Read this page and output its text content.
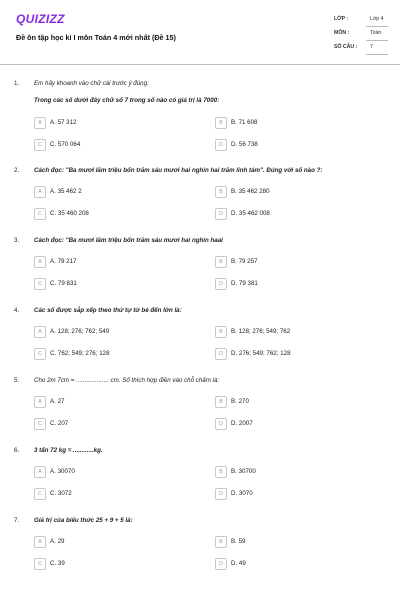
QUIZIZZ
Đề ôn tập học kì I môn Toán 4 mới nhất (Đề 15)
LỚP :	Lớp 4
MÔN :	Toán
SỐ CÂU : 7
1. Em hãy khoanh vào chữ cái trước ý đúng:
Trong các số dưới đây chữ số 7 trong số nào có giá trị là 7000:
A	A. 57 312	B	B. 71 608
C	C. 570 064	D	D. 56 738
2. Cách đọc: "Ba mươi lăm triệu bốn trăm sáu mươi hai nghìn hai trăm linh tám". Đúng với số nào ?:
A	A. 35 462 2	B	B. 35 462 280
C	C. 35 460 208	D	D. 35 462 008
3. Cách đọc: "Ba mươi lăm triệu bốn trăm sáu mươi hai nghìn haai
A	A. 79 217	B	B. 79 257
C	C. 79 831	D	D. 79 381
4. Các số được sắp xếp theo thứ tự từ bé đến lớn là:
A	A. 128; 276; 762; 549	B	B. 128; 276; 549; 762
C	C. 762; 549; 276; 128	D	D. 276; 549; 762; 128
5. Cho 2m 7cm = ................... cm. Số thích hợp điền vào chỗ chấm là:
A	A. 27	B	B. 270
C	C. 207	D	D. 2007
6. 3 tấn 72 kg = ............kg.
A	A. 30070	B	B. 30700
C	C. 3072	D	D. 3070
7. Giá trị của biểu thức 25 + 9 + 5 là:
A	A. 29	B	B. 59
C	C. 39	D	D. 49
